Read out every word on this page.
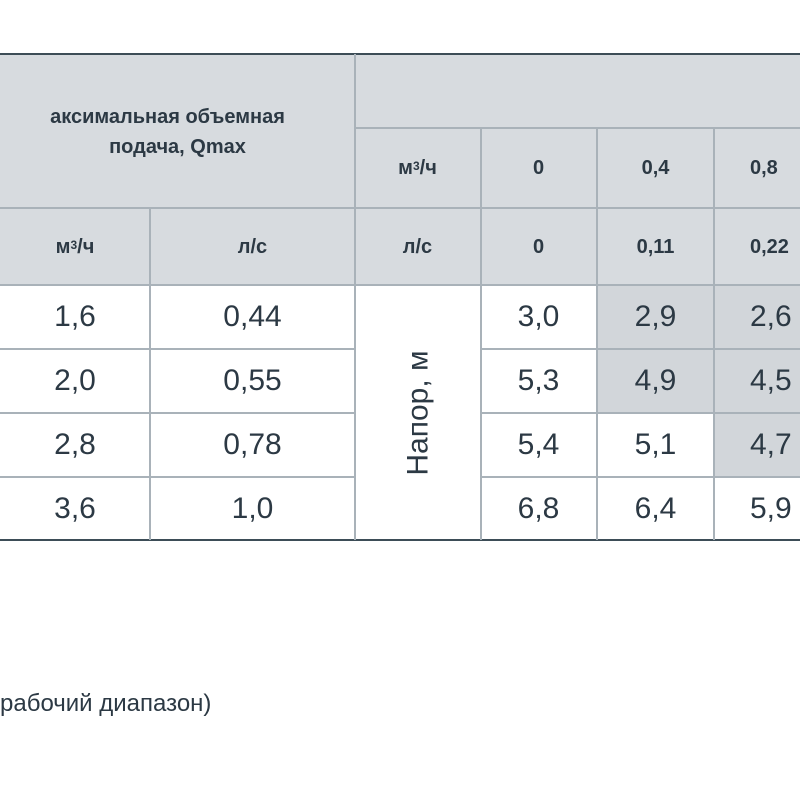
аксимальная объемная
подача, Qmax
$м^3$ /ч	0	0,4	0,8
$м^3$ /ч	л/с	л/с	0	0,11	0,22
1,6	0,44	3,0	2,9	2,6
2,0	0,55	5,3	4,9	4,5
2,8	0,78	5,4	5,1	4,7
3,6	1,0	6,8	6,4	5,9
Напор, м
рабочий диапазон)
